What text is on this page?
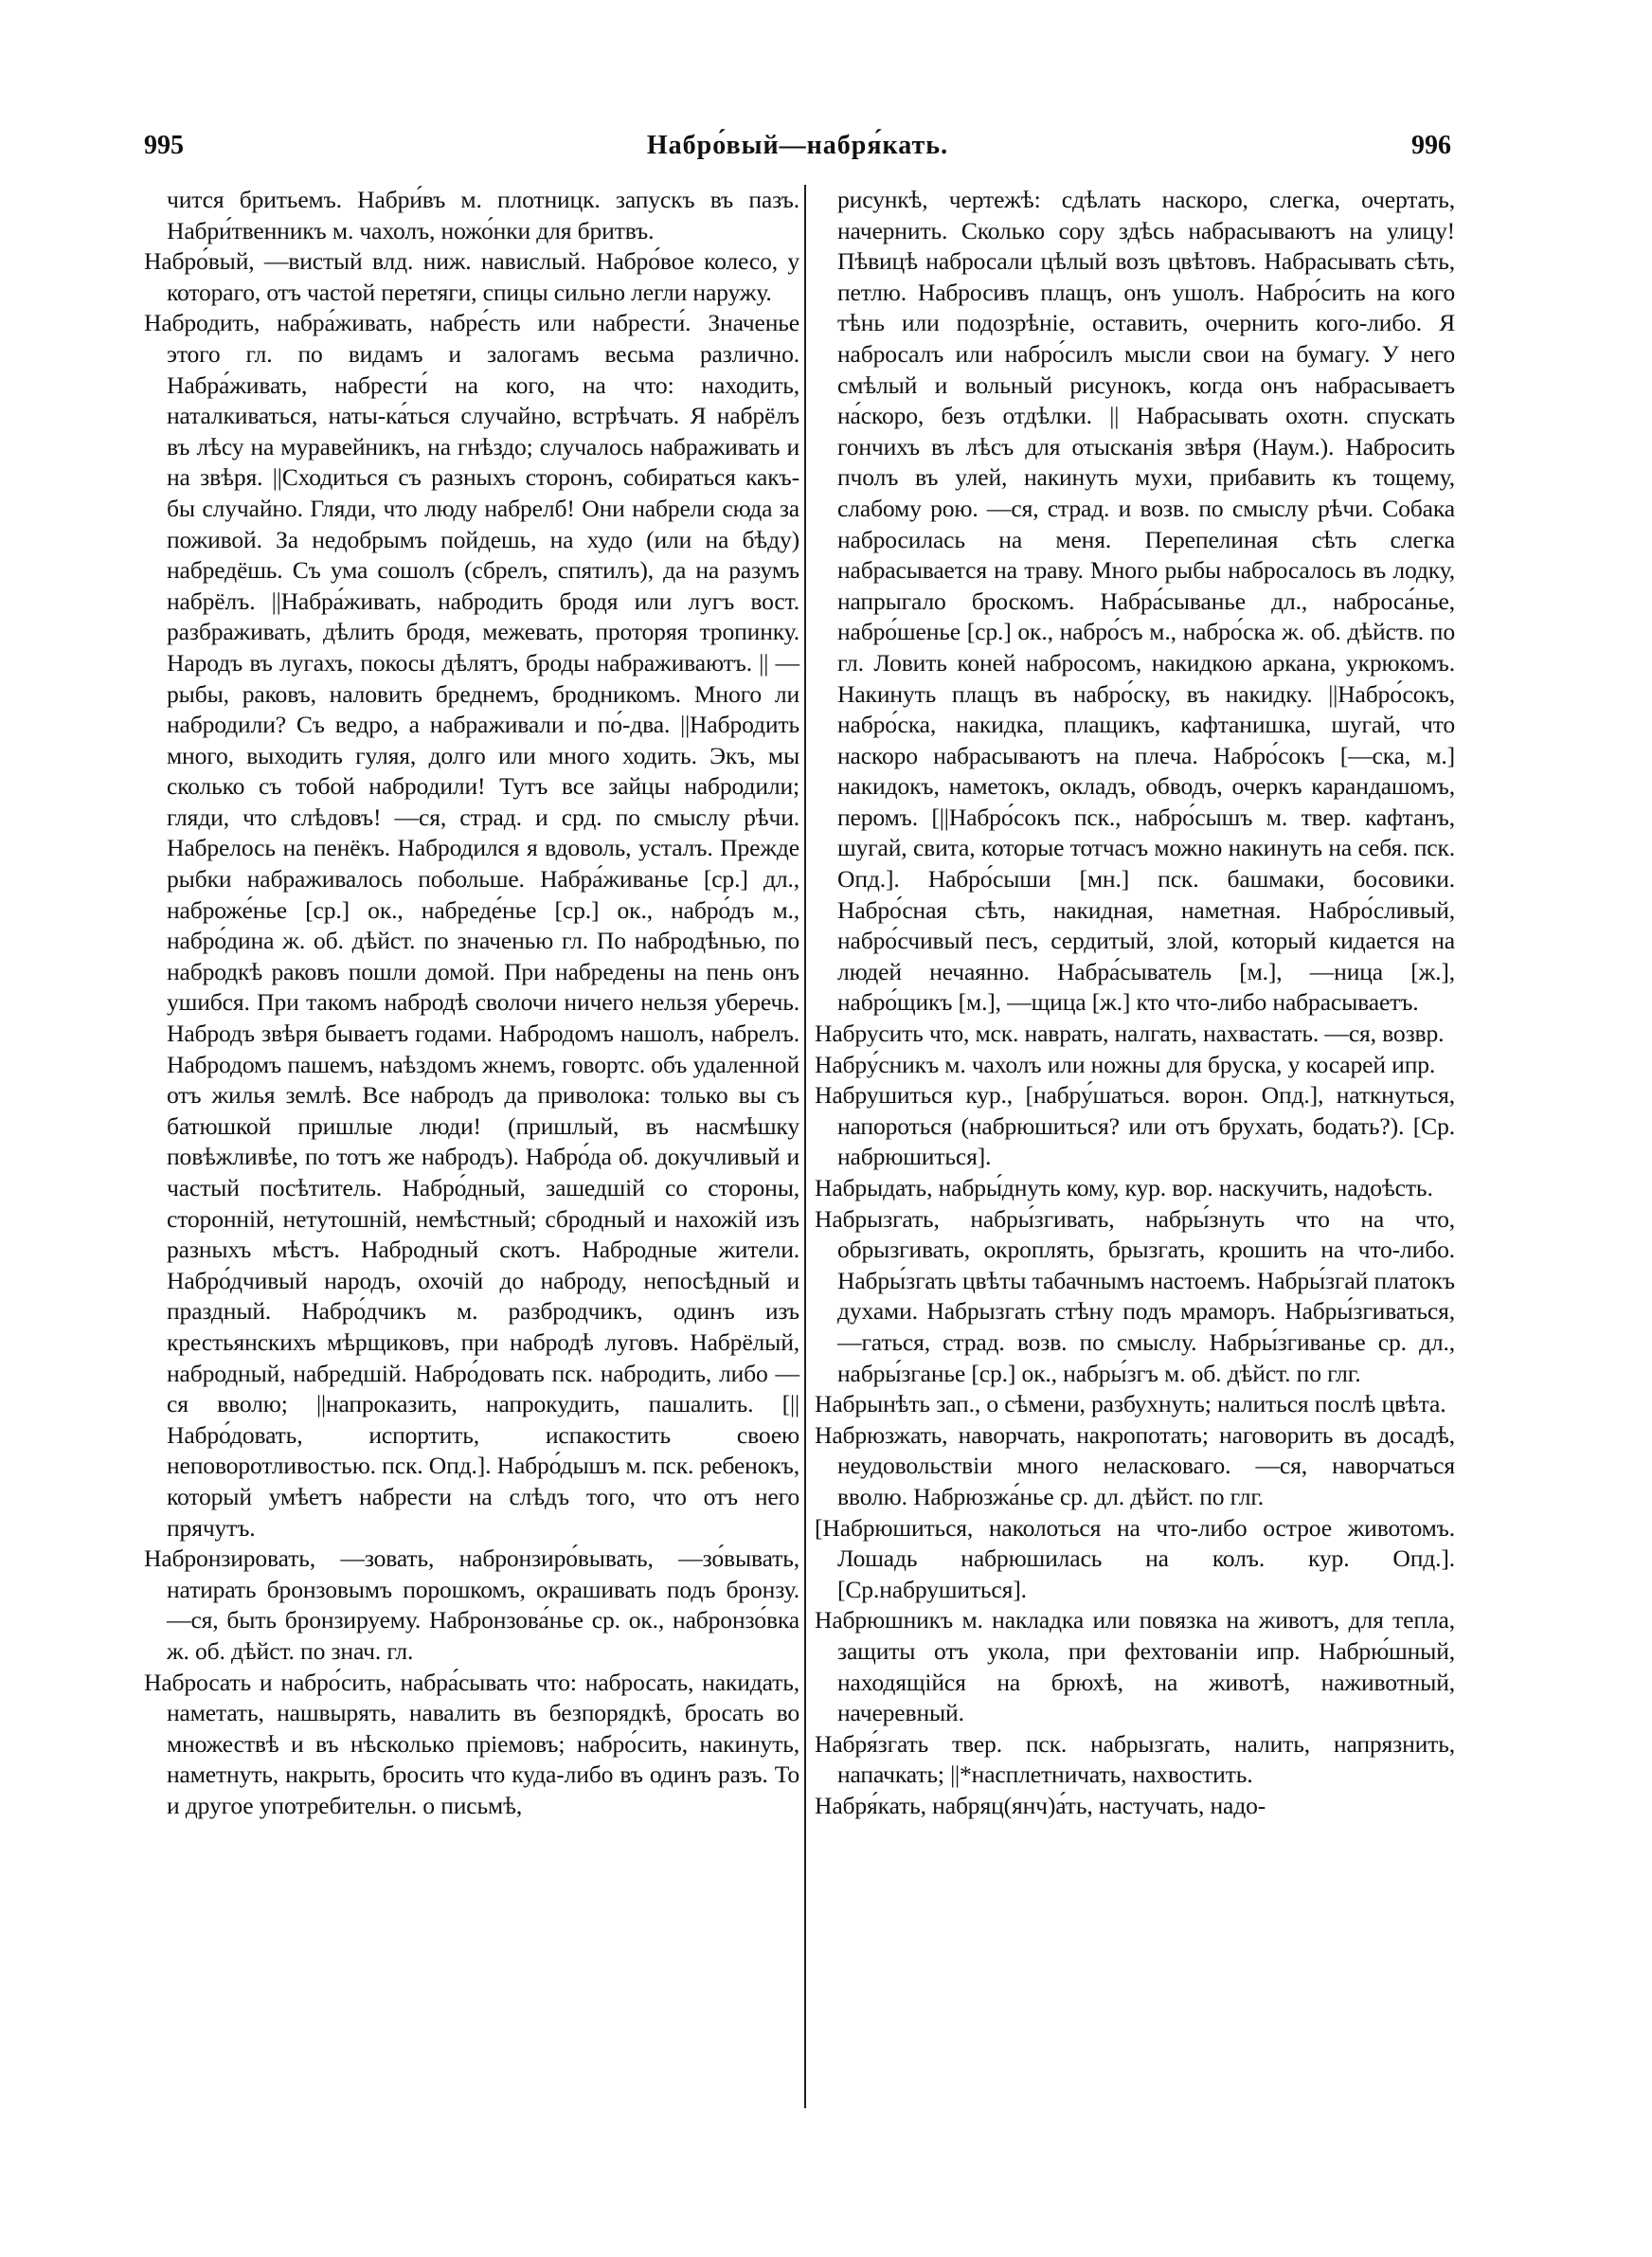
995	Набро́вый—набря́кать.	996

чится бритьемъ. Набри́въ м. плотницк. запускъ въ пазъ. Набри́твенникъ м. чахолъ, ножо́нки для бритвъ.

Набро́вый, —вистый влд. ниж. навислый. Набро́вое колесо, у котораго, отъ частой перетяги, спицы сильно легли наружу.

Набродить, набра́живать, набре́сть или набрести́. Значенье этого гл. по видамъ и залогамъ весьма различно. Набра́живать, набрести́ на кого, на что: находить, наталкиваться, наты-ка́ться случайно, встрѣчать. Я набрёлъ въ лѣсу на муравейникъ, на гнѣздо; случалось набраживать и на звѣря. ||Сходиться съ разныхъ сторонъ, собираться какъ-бы случайно. Гляди, что люду набрелб! Они набрели сюда за поживой. За недобрымъ пойдешь, на худо (или на бѣду) набредёшь. Съ ума сошолъ (сбрелъ, спятилъ), да на разумъ набрёлъ. ||Набра́живать, набродить бродя или лугъ вост. разбраживать, дѣлить бродя, межевать, проторяя тропинку. Народъ въ лугахъ, покосы дѣлятъ, броды набраживаютъ. || —рыбы, раковъ, наловить бреднемъ, бродникомъ. Много ли набродили? Съ ведро, а набраживали и по́-два. ||Набродить много, выходить гуляя, долго или много ходить. Экъ, мы сколько съ тобой набродили! Тутъ все зайцы набродили; гляди, что слѣдовъ! —ся, страд. и срд. по смыслу рѣчи. Набрелось на пенёкъ. Набродился я вдоволь, усталъ. Прежде рыбки набраживалось побольше. Набра́живанье [ср.] дл., наброже́нье [ср.] ок., набреде́нье [ср.] ок., набро́дъ м., набро́дина ж. об. дѣйст. по значенью гл. По набродѣнью, по набродкѣ раковъ пошли домой. При набредены на пень онъ ушибся. При такомъ набродѣ сволочи ничего нельзя уберечь. Набродъ звѣря бываетъ годами. Набродомъ нашолъ, набрелъ. Набродомъ пашемъ, наѣздомъ жнемъ, говортс. объ удаленной отъ жилья землѣ. Все набродъ да приволока: только вы съ батюшкой пришлые люди! (пришлый, въ насмѣшку повѣжливѣе, по тотъ же набродъ). Набро́да об. докучливый и частый посѣтитель. Набро́дный, зашедшій со стороны, сторонній, нетутошній, немѣстный; сбродный и нахожій изъ разныхъ мѣстъ. Набродный скотъ. Набродные жители. Набро́дчивый народъ, охочій до наброду, непосѣдный и праздный. Набро́дчикъ м. разбродчикъ, одинъ изъ крестьянскихъ мѣрщиковъ, при набродѣ луговъ. Набрёлый, набродный, набредшій. Набро́довать пск. набродить, либо —ся вволю; ||напроказить, напрокудить, пашалить. [||Набро́довать, испортить, испакостить своею неповоротливостью. пск. Опд.]. Набро́дышъ м. пск. ребенокъ, который умѣетъ набрести на слѣдъ того, что отъ него прячутъ.

Набронзировать, —зовать, набронзиро́вывать, —зо́вывать, натирать бронзовымъ порошкомъ, окрашивать подъ бронзу. —ся, быть бронзируему. Набронзова́нье ср. ок., набронзо́вка ж. об. дѣйст. по знач. гл.

Набросать и набро́сить, набра́сывать что: набросать, накидать, наметать, нашвырять, навалить въ безпорядкѣ, бросать во множествѣ и въ нѣсколько пріемовъ; набро́сить, накинуть, наметнуть, накрыть, бросить что куда-либо въ одинъ разъ. То и другое употребительн. о письмѣ,

рисункѣ, чертежѣ: сдѣлать наскоро, слегка, очертать, начернить. Сколько сору здѣсь набрасываютъ на улицу! Пѣвицѣ набросали цѣлый возъ цвѣтовъ. Набрасывать сѣть, петлю. Набросивъ плащъ, онъ ушолъ. Набро́сить на кого тѣнь или подозрѣніе, оставить, очернить кого-либо. Я набросалъ или набро́силъ мысли свои на бумагу. У него смѣлый и вольный рисунокъ, когда онъ набрасываетъ на́скоро, безъ отдѣлки. || Набрасывать охотн. спускать гончихъ въ лѣсъ для отысканія звѣря (Наум.). Набросить пчолъ въ улей, накинуть мухи, прибавить къ тощему, слабому рою. —ся, страд. и возв. по смыслу рѣчи. Собака набросилась на меня. Перепелиная сѣть слегка набрасывается на траву. Много рыбы набросалось въ лодку, напрыгало броскомъ. Набра́сыванье дл., наброса́нье, набро́шенье [ср.] ок., набро́съ м., набро́ска ж. об. дѣйств. по гл. Ловить коней набросомъ, накидкою аркана, укрюкомъ. Накинуть плащъ въ набро́ску, въ накидку. ||Набро́сокъ, набро́ска, накидка, плащикъ, кафтанишка, шугай, что наскоро набрасываютъ на плеча. Набро́сокъ [—ска, м.] накидокъ, наметокъ, окладъ, обводъ, очеркъ карандашомъ, перомъ. [||Набро́сокъ пск., набро́сышъ м. твер. кафтанъ, шугай, свита, которые тотчасъ можно накинуть на себя. пск. Опд.]. Набро́сыши [мн.] пск. башмаки, босовики. Набро́сная сѣть, накидная, наметная. Набро́сливый, набро́счивый песъ, сердитый, злой, который кидается на людей нечаянно. Набра́сыватель [м.], —ница [ж.], набро́щикъ [м.], —щица [ж.] кто что-либо набрасываетъ.

Набрусить что, мск. наврать, налгать, нахвастать. —ся, возвр.

Набру́сникъ м. чахолъ или ножны для бруска, у косарей ипр.

Набрушиться кур., [набру́шаться. ворон. Опд.], наткнуться, напороться (набрюшиться? или отъ брухать, бодать?). [Ср. набрюшиться].

Набрыдать, набры́днуть кому, кур. вор. наскучить, надоѣсть.

Набрызгать, набры́згивать, набры́знуть что на что, обрызгивать, окроплять, брызгать, крошить на что-либо. Набры́згать цвѣты табачнымъ настоемъ. Набры́згай платокъ духами. Набрызгать стѣну подъ мраморъ. Набры́згиваться, —гаться, страд. возв. по смыслу. Набры́згиванье ср. дл., набры́зганье [ср.] ок., набры́згъ м. об. дѣйст. по глг.

Набрынѣть зап., о сѣмени, разбухнуть; налиться послѣ цвѣта.

Набрюзжать, наворчать, накропотать; наговорить въ досадѣ, неудовольствіи много неласковаго. —ся, наворчаться вволю. Набрюзжа́нье ср. дл. дѣйст. по глг.

[Набрюшиться, наколоться на что-либо острое животомъ. Лошадь набрюшилась на колъ. кур. Опд.]. [Ср.набрушиться].

Набрюшникъ м. накладка или повязка на животъ, для тепла, защиты отъ укола, при фехтованіи ипр. Набрю́шный, находящійся на брюхѣ, на животѣ, наживотный, начеревный.

Набря́згать твер. пск. набрызгать, налить, напрязнить, напачкать; ||*насплетничать, нахвостить.

Набря́кать, набряц(янч)а́ть, настучать, надо-
